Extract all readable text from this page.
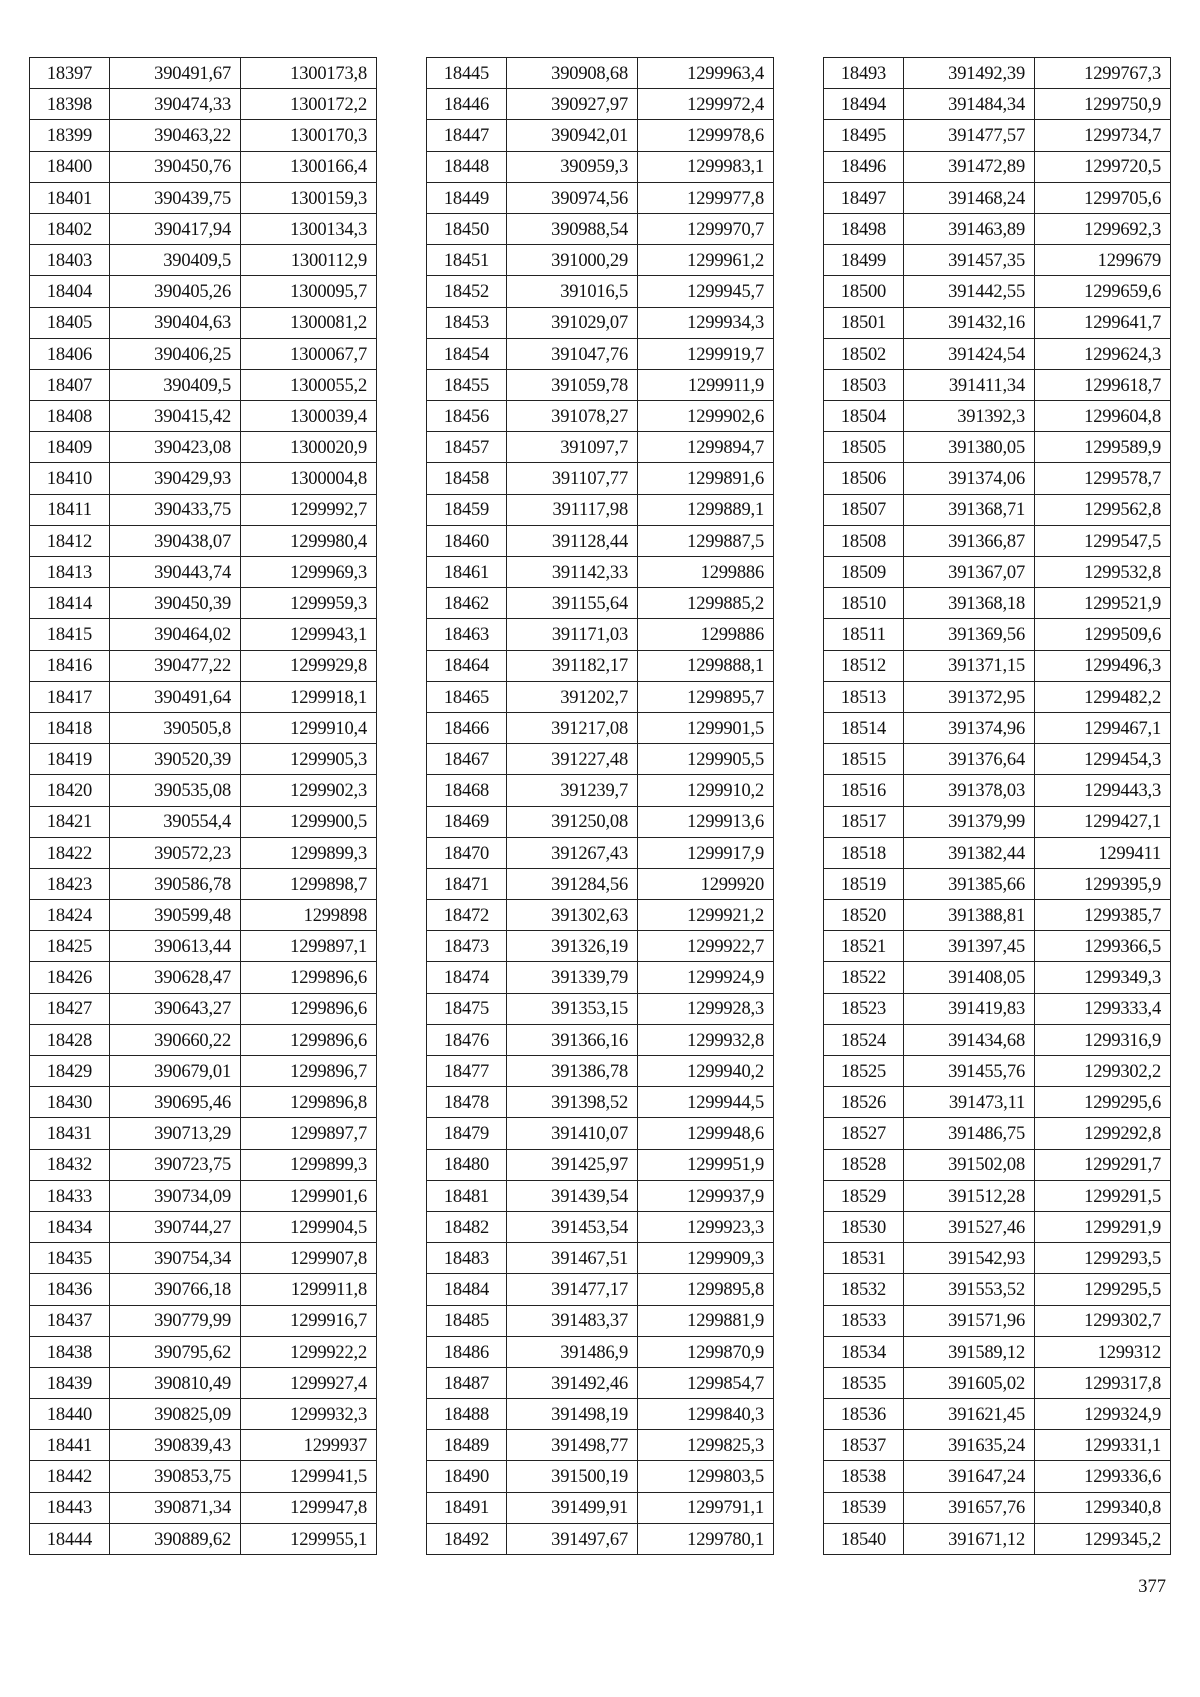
18397	390491,67	1300173,8
18398	390474,33	1300172,2
18399	390463,22	1300170,3
18400	390450,76	1300166,4
18401	390439,75	1300159,3
18402	390417,94	1300134,3
18403	390409,5	1300112,9
18404	390405,26	1300095,7
18405	390404,63	1300081,2
18406	390406,25	1300067,7
18407	390409,5	1300055,2
18408	390415,42	1300039,4
18409	390423,08	1300020,9
18410	390429,93	1300004,8
18411	390433,75	1299992,7
18412	390438,07	1299980,4
18413	390443,74	1299969,3
18414	390450,39	1299959,3
18415	390464,02	1299943,1
18416	390477,22	1299929,8
18417	390491,64	1299918,1
18418	390505,8	1299910,4
18419	390520,39	1299905,3
18420	390535,08	1299902,3
18421	390554,4	1299900,5
18422	390572,23	1299899,3
18423	390586,78	1299898,7
18424	390599,48	1299898
18425	390613,44	1299897,1
18426	390628,47	1299896,6
18427	390643,27	1299896,6
18428	390660,22	1299896,6
18429	390679,01	1299896,7
18430	390695,46	1299896,8
18431	390713,29	1299897,7
18432	390723,75	1299899,3
18433	390734,09	1299901,6
18434	390744,27	1299904,5
18435	390754,34	1299907,8
18436	390766,18	1299911,8
18437	390779,99	1299916,7
18438	390795,62	1299922,2
18439	390810,49	1299927,4
18440	390825,09	1299932,3
18441	390839,43	1299937
18442	390853,75	1299941,5
18443	390871,34	1299947,8
18444	390889,62	1299955,1
18445	390908,68	1299963,4
18446	390927,97	1299972,4
18447	390942,01	1299978,6
18448	390959,3	1299983,1
18449	390974,56	1299977,8
18450	390988,54	1299970,7
18451	391000,29	1299961,2
18452	391016,5	1299945,7
18453	391029,07	1299934,3
18454	391047,76	1299919,7
18455	391059,78	1299911,9
18456	391078,27	1299902,6
18457	391097,7	1299894,7
18458	391107,77	1299891,6
18459	391117,98	1299889,1
18460	391128,44	1299887,5
18461	391142,33	1299886
18462	391155,64	1299885,2
18463	391171,03	1299886
18464	391182,17	1299888,1
18465	391202,7	1299895,7
18466	391217,08	1299901,5
18467	391227,48	1299905,5
18468	391239,7	1299910,2
18469	391250,08	1299913,6
18470	391267,43	1299917,9
18471	391284,56	1299920
18472	391302,63	1299921,2
18473	391326,19	1299922,7
18474	391339,79	1299924,9
18475	391353,15	1299928,3
18476	391366,16	1299932,8
18477	391386,78	1299940,2
18478	391398,52	1299944,5
18479	391410,07	1299948,6
18480	391425,97	1299951,9
18481	391439,54	1299937,9
18482	391453,54	1299923,3
18483	391467,51	1299909,3
18484	391477,17	1299895,8
18485	391483,37	1299881,9
18486	391486,9	1299870,9
18487	391492,46	1299854,7
18488	391498,19	1299840,3
18489	391498,77	1299825,3
18490	391500,19	1299803,5
18491	391499,91	1299791,1
18492	391497,67	1299780,1
18493	391492,39	1299767,3
18494	391484,34	1299750,9
18495	391477,57	1299734,7
18496	391472,89	1299720,5
18497	391468,24	1299705,6
18498	391463,89	1299692,3
18499	391457,35	1299679
18500	391442,55	1299659,6
18501	391432,16	1299641,7
18502	391424,54	1299624,3
18503	391411,34	1299618,7
18504	391392,3	1299604,8
18505	391380,05	1299589,9
18506	391374,06	1299578,7
18507	391368,71	1299562,8
18508	391366,87	1299547,5
18509	391367,07	1299532,8
18510	391368,18	1299521,9
18511	391369,56	1299509,6
18512	391371,15	1299496,3
18513	391372,95	1299482,2
18514	391374,96	1299467,1
18515	391376,64	1299454,3
18516	391378,03	1299443,3
18517	391379,99	1299427,1
18518	391382,44	1299411
18519	391385,66	1299395,9
18520	391388,81	1299385,7
18521	391397,45	1299366,5
18522	391408,05	1299349,3
18523	391419,83	1299333,4
18524	391434,68	1299316,9
18525	391455,76	1299302,2
18526	391473,11	1299295,6
18527	391486,75	1299292,8
18528	391502,08	1299291,7
18529	391512,28	1299291,5
18530	391527,46	1299291,9
18531	391542,93	1299293,5
18532	391553,52	1299295,5
18533	391571,96	1299302,7
18534	391589,12	1299312
18535	391605,02	1299317,8
18536	391621,45	1299324,9
18537	391635,24	1299331,1
18538	391647,24	1299336,6
18539	391657,76	1299340,8
18540	391671,12	1299345,2
377
